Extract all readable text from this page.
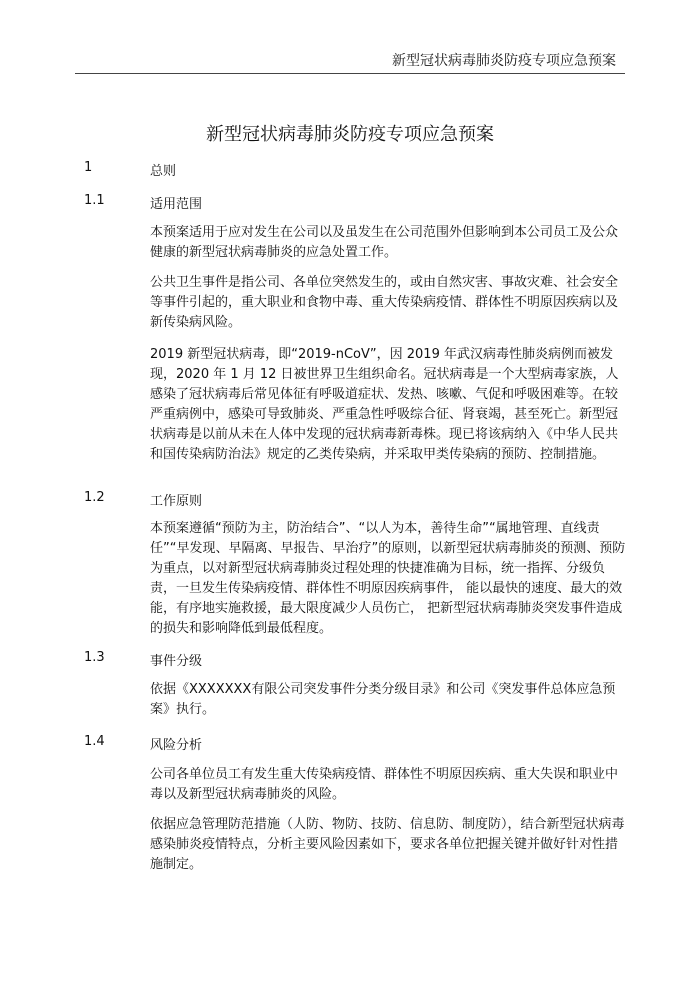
新型冠状病毒肺炎防疫专项应急预案
新型冠状病毒肺炎防疫专项应急预案
1	总则
1.1	适用范围

本预案适用于应对发生在公司以及虽发生在公司范围外但影响到本公司员工及公众健康的新型冠状病毒肺炎的应急处置工作。

公共卫生事件是指公司、各单位突然发生的，或由自然灾害、事故灾难、社会安全等事件引起的，重大职业和食物中毒、重大传染病疫情、群体性不明原因疾病以及新传染病风险。

2019 新型冠状病毒，即“2019-nCoV”，因 2019 年武汉病毒性肺炎病例而被发现，2020 年 1 月 12 日被世界卫生组织命名。冠状病毒是一个大型病毒家族，人感染了冠状病毒后常见体征有呼吸道症状、发热、咳嗽、气促和呼吸困难等。在较严重病例中，感染可导致肺炎、严重急性呼吸综合征、肾衰竭，甚至死亡。新型冠状病毒是以前从未在人体中发现的冠状病毒新毒株。现已将该病纳入《中华人民共和国传染病防治法》规定的乙类传染病，并采取甲类传染病的预防、控制措施。

1.2	工作原则

本预案遵循“预防为主，防治结合”、“以人为本，善待生命”“属地管理、直线责任”“早发现、早隔离、早报告、早治疗”的原则，以新型冠状病毒肺炎的预测、预防为重点，以对新型冠状病毒肺炎过程处理的快捷准确为目标，统一指挥、分级负责，一旦发生传染病疫情、群体性不明原因疾病事件， 能以最快的速度、最大的效能，有序地实施救援，最大限度减少人员伤亡， 把新型冠状病毒肺炎突发事件造成的损失和影响降低到最低程度。

1.3	事件分级

依据《XXXXXXX有限公司突发事件分类分级目录》和公司《突发事件总体应急预案》执行。

1.4	风险分析

公司各单位员工有发生重大传染病疫情、群体性不明原因疾病、重大失误和职业中毒以及新型冠状病毒肺炎的风险。

依据应急管理防范措施（人防、物防、技防、信息防、制度防），结合新型冠状病毒感染肺炎疫情特点，分析主要风险因素如下，要求各单位把握关键并做好针对性措施制定。
